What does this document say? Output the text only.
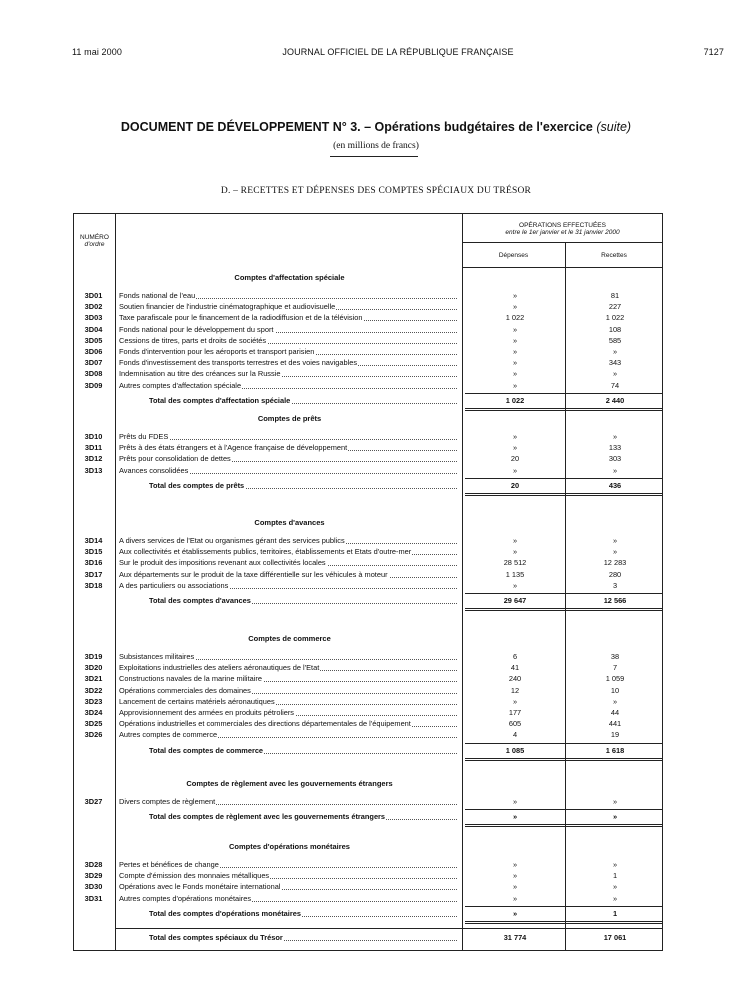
11 mai 2000	JOURNAL OFFICIEL DE LA RÉPUBLIQUE FRANÇAISE	7127
DOCUMENT DE DÉVELOPPEMENT N° 3. – Opérations budgétaires de l'exercice (suite)
(en millions de francs)
D. – RECETTES ET DÉPENSES DES COMPTES SPÉCIAUX DU TRÉSOR
NUMÉRO
d'ordre
OPÉRATIONS EFFECTUÉES
entre le 1er janvier et le 31 janvier 2000
Dépenses	Recettes
Comptes d'affectation spéciale
3D01	Fonds national de l'eau	»	81
3D02	Soutien financier de l'industrie cinématographique et audiovisuelle	»	227
3D03	Taxe parafiscale pour le financement de la radiodiffusion et de la télévision	1 022	1 022
3D04	Fonds national pour le développement du sport	»	108
3D05	Cessions de titres, parts et droits de sociétés	»	585
3D06	Fonds d'intervention pour les aéroports et transport parisien	»	»
3D07	Fonds d'investissement des transports terrestres et des voies navigables	»	343
3D08	Indemnisation au titre des créances sur la Russie	»	»
3D09	Autres comptes d'affectation spéciale	»	74
Total des comptes d'affectation spéciale	1 022	2 440
Comptes de prêts
3D10	Prêts du FDES	»	»
3D11	Prêts à des états étrangers et à l'Agence française de développement	»	133
3D12	Prêts pour consolidation de dettes	20	303
3D13	Avances consolidées	»	»
Total des comptes de prêts	20	436
Comptes d'avances
3D14	A divers services de l'Etat ou organismes gérant des services publics	»	»
3D15	Aux collectivités et établissements publics, territoires, établissements et Etats d'outre-mer	»	»
3D16	Sur le produit des impositions revenant aux collectivités locales	28 512	12 283
3D17	Aux départements sur le produit de la taxe différentielle sur les véhicules à moteur	1 135	280
3D18	A des particuliers ou associations	»	3
Total des comptes d'avances	29 647	12 566
Comptes de commerce
3D19	Subsistances militaires	6	38
3D20	Exploitations industrielles des ateliers aéronautiques de l'Etat	41	7
3D21	Constructions navales de la marine militaire	240	1 059
3D22	Opérations commerciales des domaines	12	10
3D23	Lancement de certains matériels aéronautiques	»	»
3D24	Approvisionnement des armées en produits pétroliers	177	44
3D25	Opérations industrielles et commerciales des directions départementales de l'équipement	605	441
3D26	Autres comptes de commerce	4	19
Total des comptes de commerce	1 085	1 618
Comptes de règlement avec les gouvernements étrangers
3D27	Divers comptes de règlement	»	»
Total des comptes de règlement avec les gouvernements étrangers	»	»
Comptes d'opérations monétaires
3D28	Pertes et bénéfices de change	»	»
3D29	Compte d'émission des monnaies métalliques	»	1
3D30	Opérations avec le Fonds monétaire international	»	»
3D31	Autres comptes d'opérations monétaires	»	»
Total des comptes d'opérations monétaires	»	1
Total des comptes spéciaux du Trésor	31 774	17 061
